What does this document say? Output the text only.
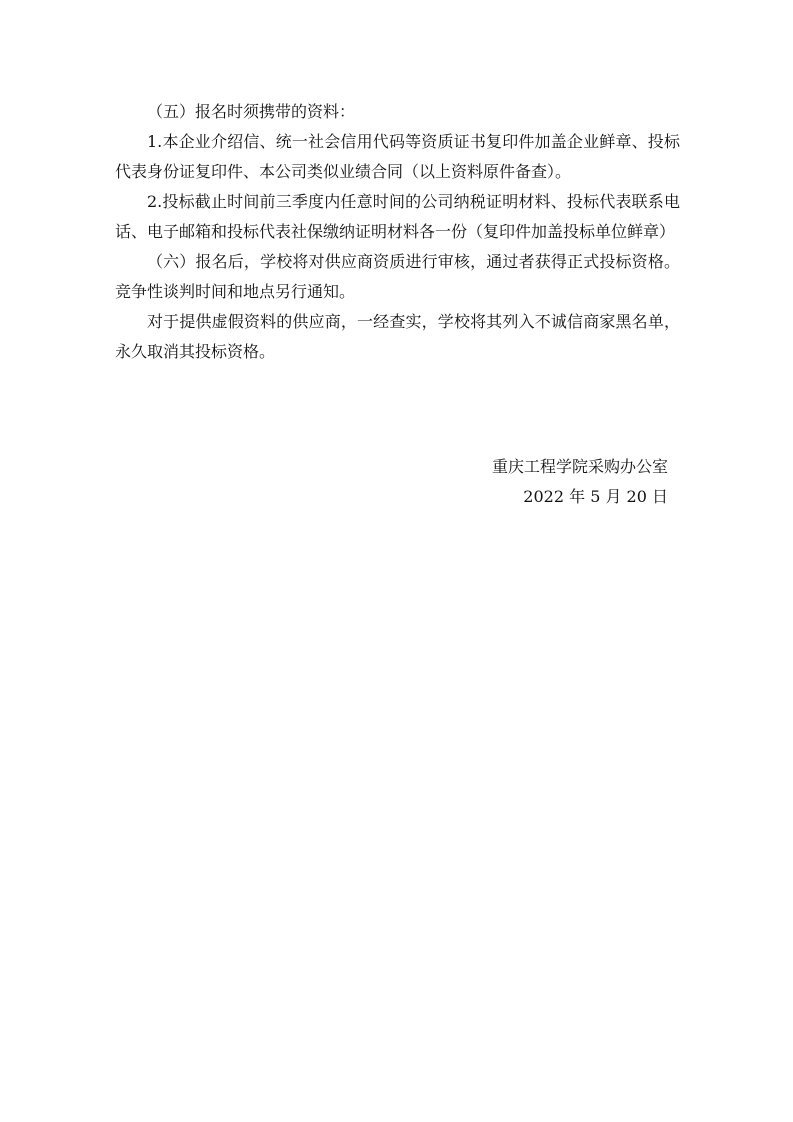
（五）报名时须携带的资料：

1.本企业介绍信、统一社会信用代码等资质证书复印件加盖企业鲜章、投标代表身份证复印件、本公司类似业绩合同（以上资料原件备查）。

2.投标截止时间前三季度内任意时间的公司纳税证明材料、投标代表联系电话、电子邮箱和投标代表社保缴纳证明材料各一份（复印件加盖投标单位鲜章）

（六）报名后，学校将对供应商资质进行审核，通过者获得正式投标资格。竞争性谈判时间和地点另行通知。

对于提供虚假资料的供应商，一经查实，学校将其列入不诚信商家黑名单，永久取消其投标资格。

重庆工程学院采购办公室

2022 年 5 月 20 日
